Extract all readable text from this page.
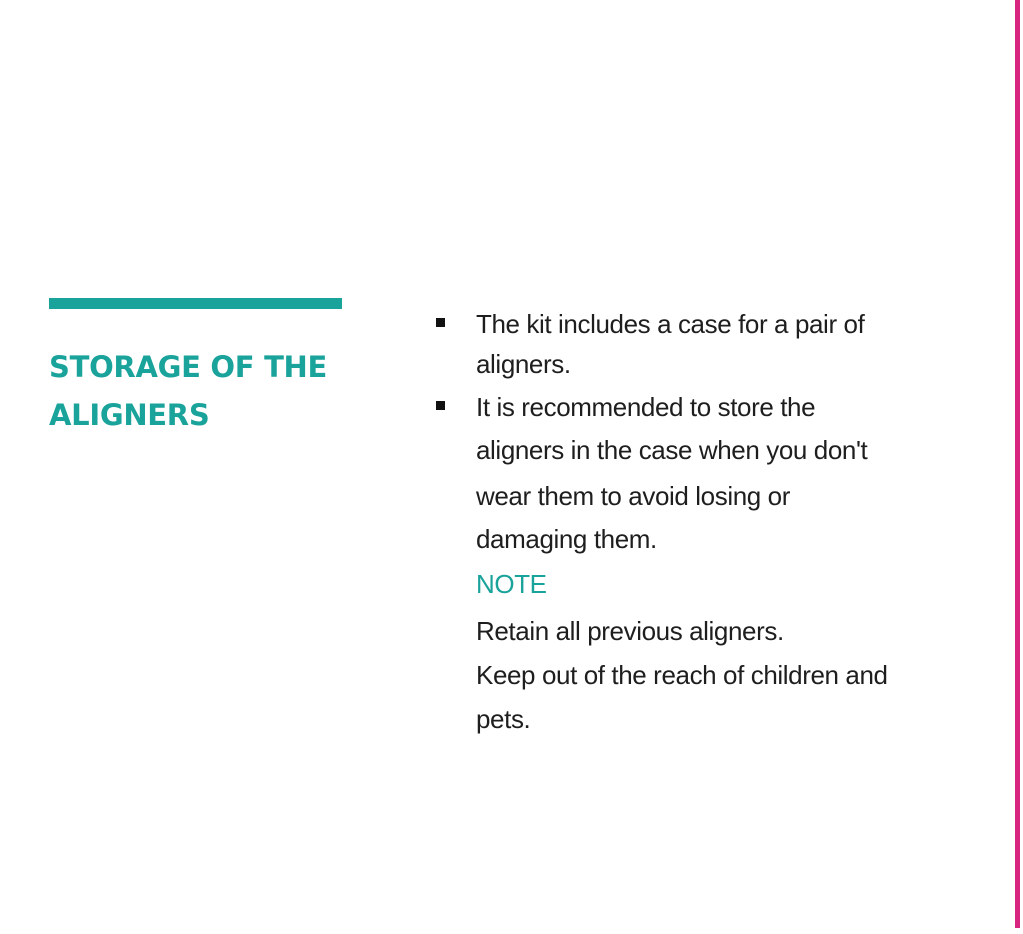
STORAGE OF THE
ALIGNERS
The kit includes a case for a pair of
aligners.
It is recommended to store the
aligners in the case when you don't
wear them to avoid losing or
damaging them.
NOTE
Retain all previous aligners.
Keep out of the reach of children and
pets.
